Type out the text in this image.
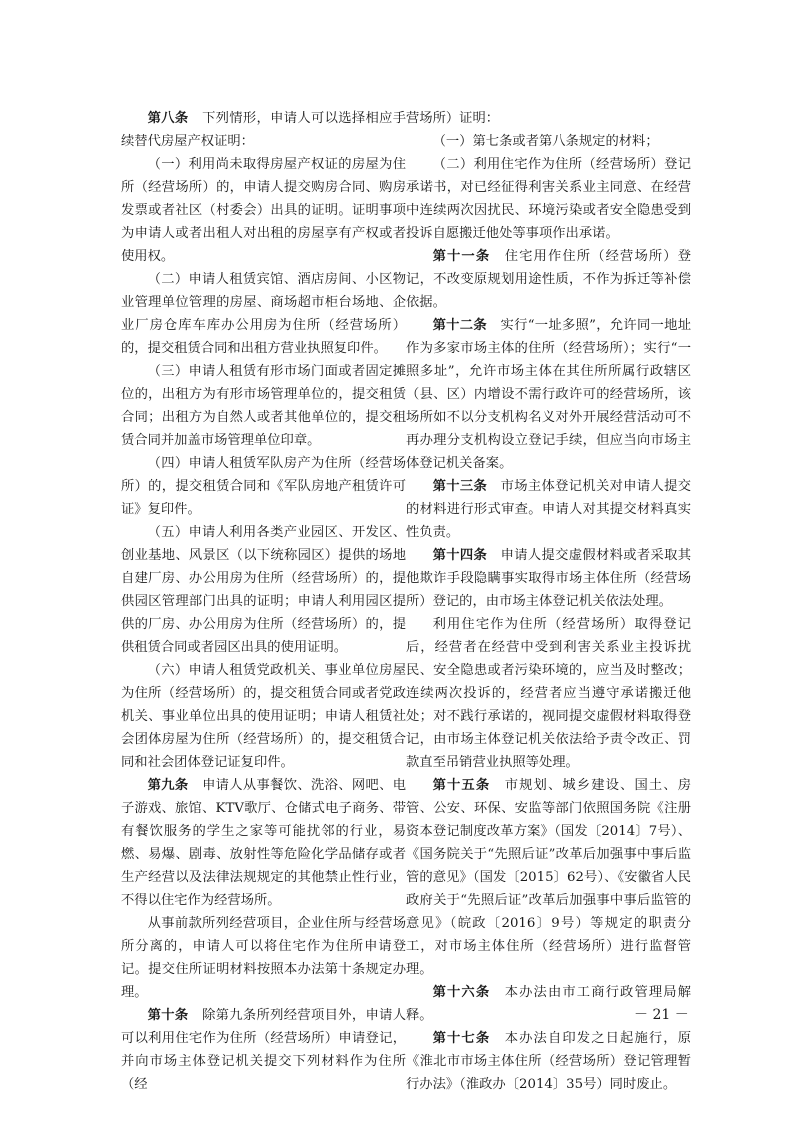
第八条　下列情形，申请人可以选择相应手续替代房屋产权证明：

（一）利用尚未取得房屋产权证的房屋为住所（经营场所）的，申请人提交购房合同、购房发票或者社区（村委会）出具的证明。证明事项为申请人或者出租人对出租的房屋享有产权或者使用权。

（二）申请人租赁宾馆、酒店房间、小区物业管理单位管理的房屋、商场超市柜台场地、企业厂房仓库车库办公用房为住所（经营场所）的，提交租赁合同和出租方营业执照复印件。

（三）申请人租赁有形市场门面或者固定摊位的，出租方为有形市场管理单位的，提交租赁合同；出租方为自然人或者其他单位的，提交租赁合同并加盖市场管理单位印章。

（四）申请人租赁军队房产为住所（经营场所）的，提交租赁合同和《军队房地产租赁许可证》复印件。

（五）申请人利用各类产业园区、开发区、创业基地、风景区（以下统称园区）提供的场地自建厂房、办公用房为住所（经营场所）的，提供园区管理部门出具的证明；申请人利用园区提供的厂房、办公用房为住所（经营场所）的，提供租赁合同或者园区出具的使用证明。

（六）申请人租赁党政机关、事业单位房屋为住所（经营场所）的，提交租赁合同或者党政机关、事业单位出具的使用证明；申请人租赁社会团体房屋为住所（经营场所）的，提交租赁合同和社会团体登记证复印件。

第九条　申请人从事餐饮、洗浴、网吧、电子游戏、旅馆、KTV歌厅、仓储式电子商务、带有餐饮服务的学生之家等可能扰邻的行业，易燃、易爆、剧毒、放射性等危险化学品储存或者生产经营以及法律法规规定的其他禁止性行业，不得以住宅作为经营场所。

从事前款所列经营项目，企业住所与经营场所分离的，申请人可以将住宅作为住所申请登记。提交住所证明材料按照本办法第十条规定办理。

第十条　除第九条所列经营项目外，申请人可以利用住宅作为住所（经营场所）申请登记，并向市场主体登记机关提交下列材料作为住所（经

营场所）证明：

（一）第七条或者第八条规定的材料；

（二）利用住宅作为住所（经营场所）登记承诺书，对已经征得利害关系业主同意、在经营中连续两次因扰民、环境污染或者安全隐患受到投诉自愿搬迁他处等事项作出承诺。

第十一条　住宅用作住所（经营场所）登记，不改变原规划用途性质，不作为拆迁等补偿依据。

第十二条　实行“一址多照”，允许同一地址作为多家市场主体的住所（经营场所）；实行“一照多址”，允许市场主体在其住所所属行政辖区（县、区）内增设不需行政许可的经营场所，该场所如不以分支机构名义对外开展经营活动可不再办理分支机构设立登记手续，但应当向市场主体登记机关备案。

第十三条　市场主体登记机关对申请人提交的材料进行形式审查。申请人对其提交材料真实性负责。

第十四条　申请人提交虚假材料或者采取其他欺诈手段隐瞒事实取得市场主体住所（经营场所）登记的，由市场主体登记机关依法处理。

利用住宅作为住所（经营场所）取得登记后，经营者在经营中受到利害关系业主投诉扰民、安全隐患或者污染环境的，应当及时整改；连续两次投诉的，经营者应当遵守承诺搬迁他处；对不践行承诺的，视同提交虚假材料取得登记，由市场主体登记机关依法给予责令改正、罚款直至吊销营业执照等处理。

第十五条　市规划、城乡建设、国土、房管、公安、环保、安监等部门依照国务院《注册资本登记制度改革方案》（国发〔2014〕7号）、《国务院关于“先照后证”改革后加强事中事后监管的意见》（国发〔2015〕62号）、《安徽省人民政府关于“先照后证”改革后加强事中事后监管的意见》（皖政〔2016〕9号）等规定的职责分工，对市场主体住所（经营场所）进行监督管理。

第十六条　本办法由市工商行政管理局解释。

第十七条　本办法自印发之日起施行，原《淮北市市场主体住所（经营场所）登记管理暂行办法》（淮政办〔2014〕35号）同时废止。

－ 21 －
